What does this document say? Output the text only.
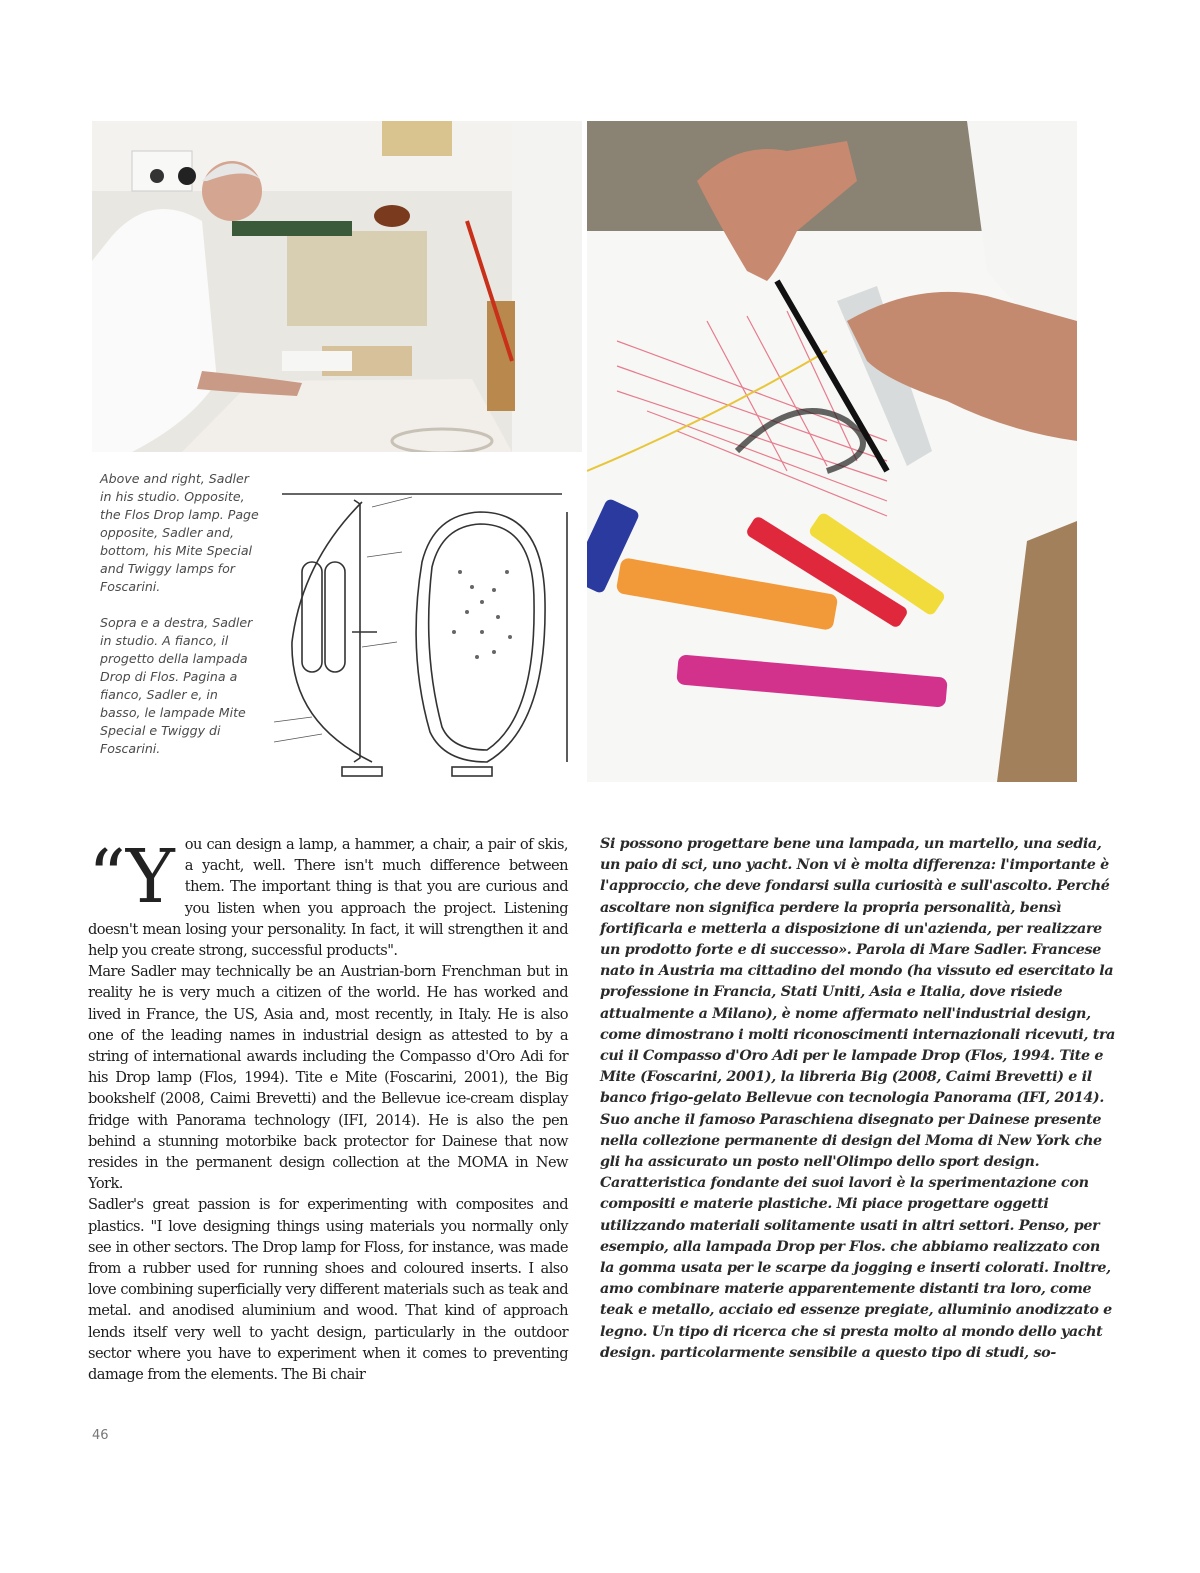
Above and right, Sadler in his studio. Opposite, the Flos Drop lamp. Page opposite, Sadler and, bottom, his Mite Special and Twiggy lamps for Foscarini.

Sopra e a destra, Sadler in studio. A fianco, il progetto della lampada Drop di Flos. Pagina a fianco, Sadler e, in basso, le lampade Mite Special e Twiggy di Foscarini.

“Y ou can design a lamp, a hammer, a chair, a pair of skis, a yacht, well. There isn't much difference between them. The important thing is that you are curious and you listen when you approach the project. Listening doesn't mean losing your personality. In fact, it will strengthen it and help you create strong, successful products".

Mare Sadler may technically be an Austrian-born Frenchman but in reality he is very much a citizen of the world. He has worked and lived in France, the US, Asia and, most recently, in Italy. He is also one of the leading names in industrial design as attested to by a string of international awards including the Compasso d'Oro Adi for his Drop lamp (Flos, 1994). Tite e Mite (Foscarini, 2001), the Big bookshelf (2008, Caimi Brevetti) and the Bellevue ice-cream display fridge with Panorama technology (IFI, 2014). He is also the pen behind a stunning motorbike back protector for Dainese that now resides in the permanent design collection at the MOMA in New York.

Sadler's great passion is for experimenting with composites and plastics. "I love designing things using materials you normally only see in other sectors. The Drop lamp for Floss, for instance, was made from a rubber used for running shoes and coloured inserts. I also love combining superficially very different materials such as teak and metal. and anodised aluminium and wood. That kind of approach lends itself very well to yacht design, particularly in the outdoor sector where you have to experiment when it comes to preventing damage from the elements. The Bi chair

Si possono progettare bene una lampada, un martello, una sedia, un paio di sci, uno yacht. Non vi è molta differenza: l'importante è l'approccio, che deve fondarsi sulla curiosità e sull'ascolto. Perché ascoltare non significa perdere la propria personalità, bensì fortificarla e metterla a disposizione di un'azienda, per realizzare un prodotto forte e di successo». Parola di Mare Sadler. Francese nato in Austria ma cittadino del mondo (ha vissuto ed esercitato la professione in Francia, Stati Uniti, Asia e Italia, dove risiede attualmente a Milano), è nome affermato nell'industrial design, come dimostrano i molti riconoscimenti internazionali ricevuti, tra cui il Compasso d'Oro Adi per le lampade Drop (Flos, 1994. Tite e Mite (Foscarini, 2001), la libreria Big (2008, Caimi Brevetti) e il banco frigo-gelato Bellevue con tecnologia Panorama (IFI, 2014). Suo anche il famoso Paraschiena disegnato per Dainese presente nella collezione permanente di design del Moma di New York che gli ha assicurato un posto nell'Olimpo dello sport design.

Caratteristica fondante dei suoi lavori è la sperimentazione con compositi e materie plastiche. Mi piace progettare oggetti utilizzando materiali solitamente usati in altri settori. Penso, per esempio, alla lampada Drop per Flos. che abbiamo realizzato con la gomma usata per le scarpe da jogging e inserti colorati. Inoltre, amo combinare materie apparentemente distanti tra loro, come teak e metallo, acciaio ed essenze pregiate, alluminio anodizzato e legno. Un tipo di ricerca che si presta molto al mondo dello yacht design. particolarmente sensibile a questo tipo di studi, so-

46
